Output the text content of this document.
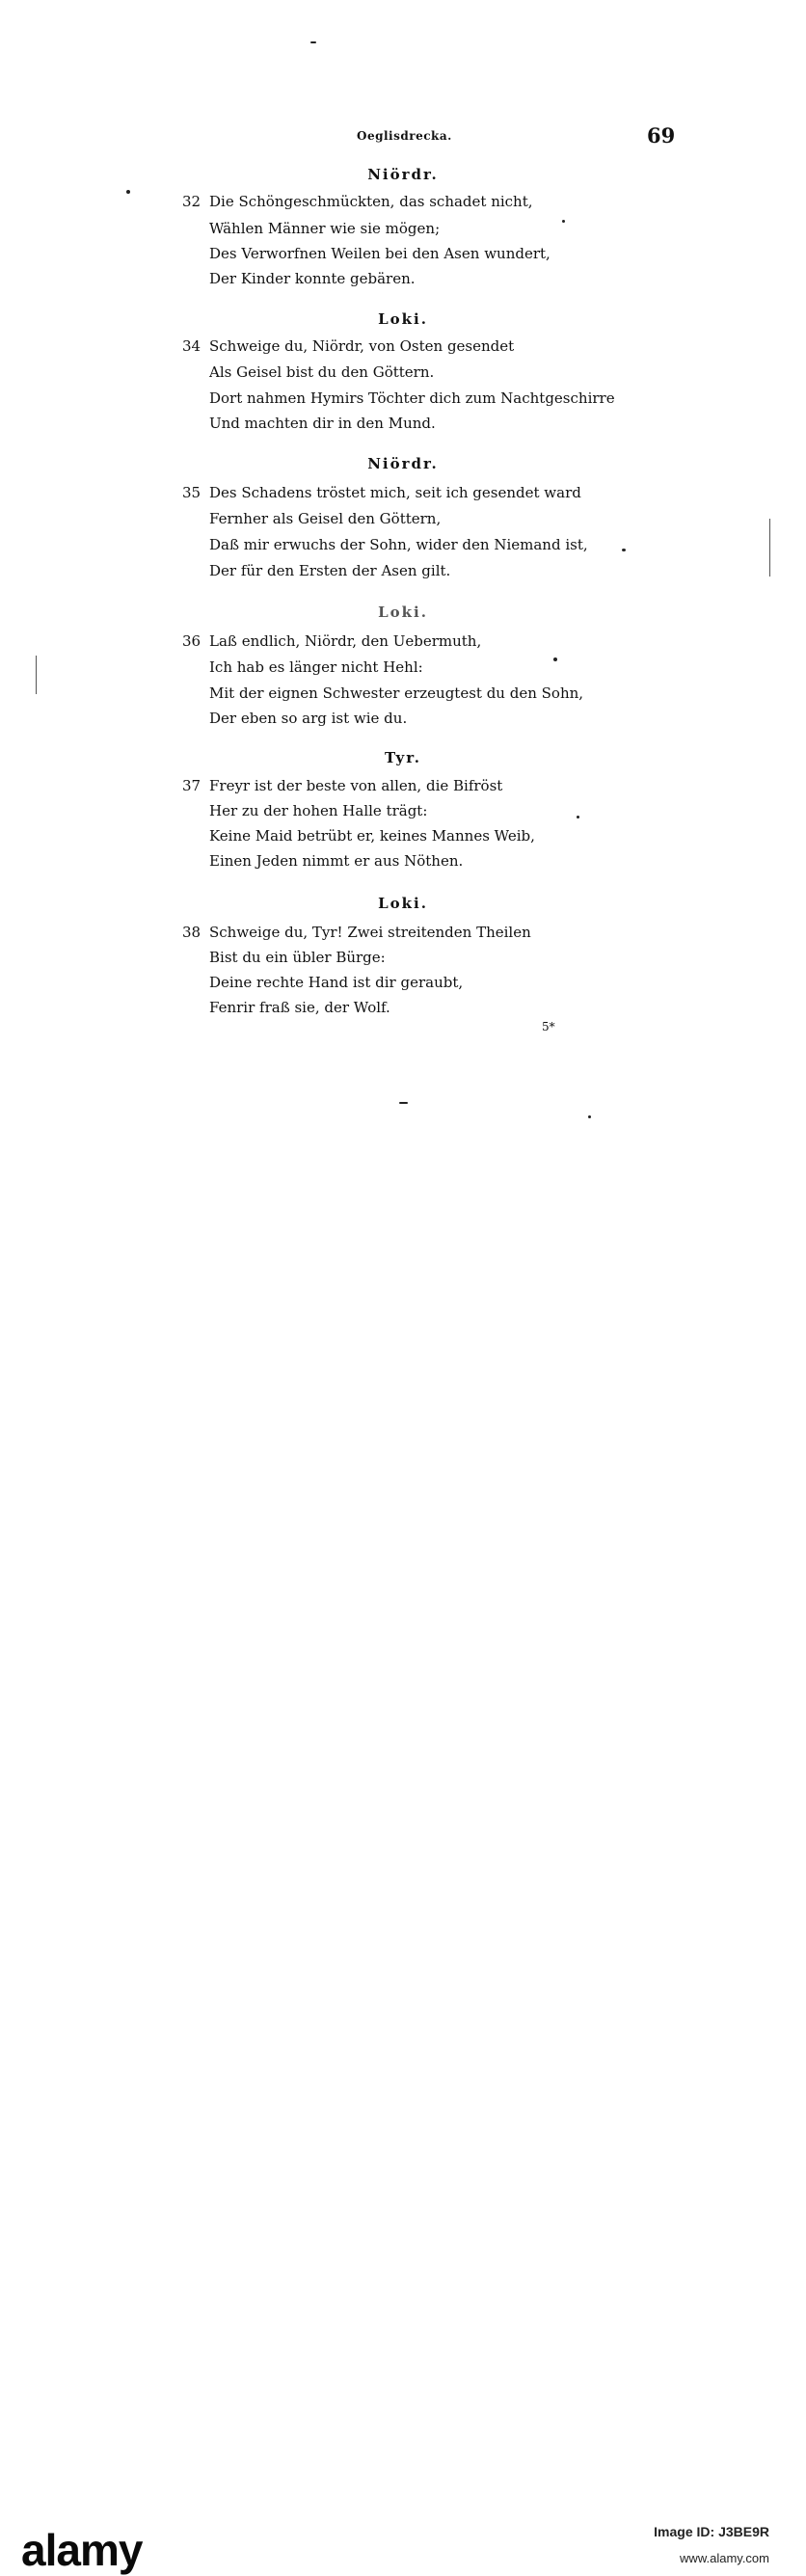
Oeglisdrecka.	69
Niördr.
32 Die Schöngeschmückten, das schadet nicht,
Wählen Männer wie sie mögen;
Des Verworfnen Weilen bei den Asen wundert,
Der Kinder konnte gebären.
Loki.
34 Schweige du, Niördr, von Osten gesendet
Als Geisel bist du den Göttern.
Dort nahmen Hymirs Töchter dich zum Nachtgeschirre
Und machten dir in den Mund.
Niördr.
35 Des Schadens tröstet mich, seit ich gesendet ward
Fernher als Geisel den Göttern,
Daß mir erwuchs der Sohn, wider den Niemand ist,
Der für den Ersten der Asen gilt.
Loki.
36 Laß endlich, Niördr, den Uebermuth,
Ich hab es länger nicht Hehl:
Mit der eignen Schwester erzeugtest du den Sohn,
Der eben so arg ist wie du.
Tyr.
37 Freyr ist der beste von allen, die Bifröst
Her zu der hohen Halle trägt:
Keine Maid betrübt er, keines Mannes Weib,
Einen Jeden nimmt er aus Nöthen.
Loki.
38 Schweige du, Tyr! Zwei streitenden Theilen
Bist du ein übler Bürge:
Deine rechte Hand ist dir geraubt,
Fenrir fraß sie, der Wolf.
5*
alamy	Image ID: J3BE9R
www.alamy.com
